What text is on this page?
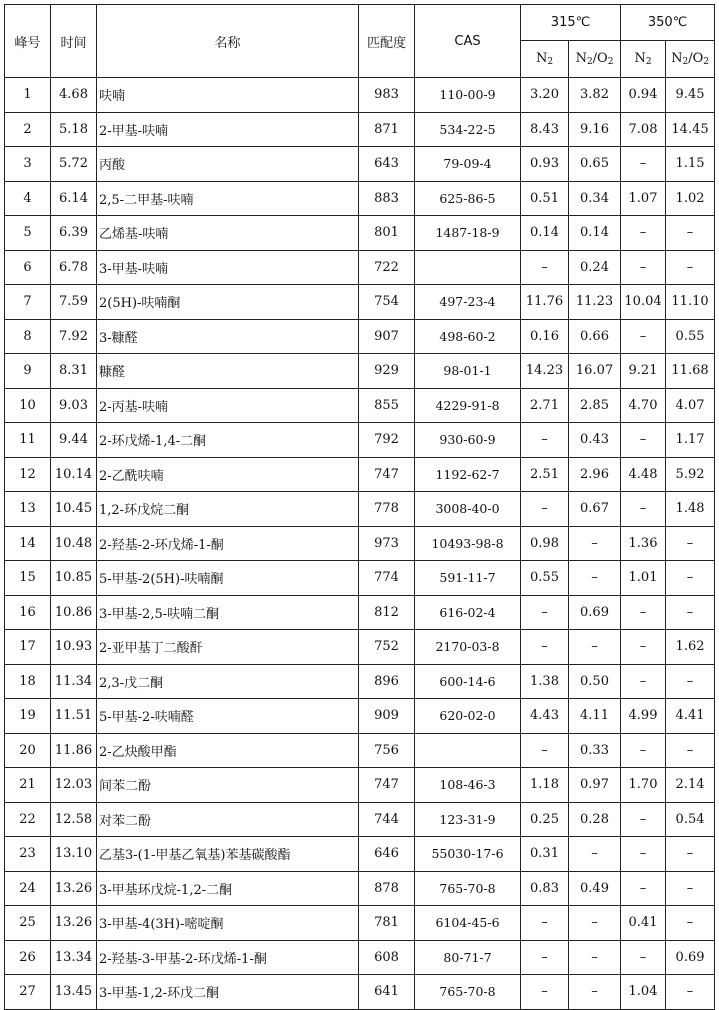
峰号	时间	名称	匹配度	CAS	315℃		350℃	
					$N_2$	$N_2/O_2$	$N_2$	$N_2/O_2$
1	4.68	呋喃	983	110-00-9	3.20	3.82	0.94	9.45
2	5.18	2-甲基-呋喃	871	534-22-5	8.43	9.16	7.08	14.45
3	5.72	丙酸	643	79-09-4	0.93	0.65	–	1.15
4	6.14	2,5-二甲基-呋喃	883	625-86-5	0.51	0.34	1.07	1.02
5	6.39	乙烯基-呋喃	801	1487-18-9	0.14	0.14	–	–
6	6.78	3-甲基-呋喃	722		–	0.24	–	–
7	7.59	2(5H)-呋喃酮	754	497-23-4	11.76	11.23	10.04	11.10
8	7.92	3-糠醛	907	498-60-2	0.16	0.66	–	0.55
9	8.31	糠醛	929	98-01-1	14.23	16.07	9.21	11.68
10	9.03	2-丙基-呋喃	855	4229-91-8	2.71	2.85	4.70	4.07
11	9.44	2-环戊烯-1,4-二酮	792	930-60-9	–	0.43	–	1.17
12	10.14	2-乙酰呋喃	747	1192-62-7	2.51	2.96	4.48	5.92
13	10.45	1,2-环戊烷二酮	778	3008-40-0	–	0.67	–	1.48
14	10.48	2-羟基-2-环戊烯-1-酮	973	10493-98-8	0.98	–	1.36	–
15	10.85	5-甲基-2(5H)-呋喃酮	774	591-11-7	0.55	–	1.01	–
16	10.86	3-甲基-2,5-呋喃二酮	812	616-02-4	–	0.69	–	–
17	10.93	2-亚甲基丁二酸酐	752	2170-03-8	–	–	–	1.62
18	11.34	2,3-戊二酮	896	600-14-6	1.38	0.50	–	–
19	11.51	5-甲基-2-呋喃醛	909	620-02-0	4.43	4.11	4.99	4.41
20	11.86	2-乙炔酸甲酯	756		–	0.33	–	–
21	12.03	间苯二酚	747	108-46-3	1.18	0.97	1.70	2.14
22	12.58	对苯二酚	744	123-31-9	0.25	0.28	–	0.54
23	13.10	乙基3-(1-甲基乙氧基)苯基碳酸酯	646	55030-17-6	0.31	–	–	–
24	13.26	3-甲基环戊烷-1,2-二酮	878	765-70-8	0.83	0.49	–	–
25	13.26	3-甲基-4(3H)-嘧啶酮	781	6104-45-6	–	–	0.41	–
26	13.34	2-羟基-3-甲基-2-环戊烯-1-酮	608	80-71-7	–	–	–	0.69
27	13.45	3-甲基-1,2-环戊二酮	641	765-70-8	–	–	1.04	–
